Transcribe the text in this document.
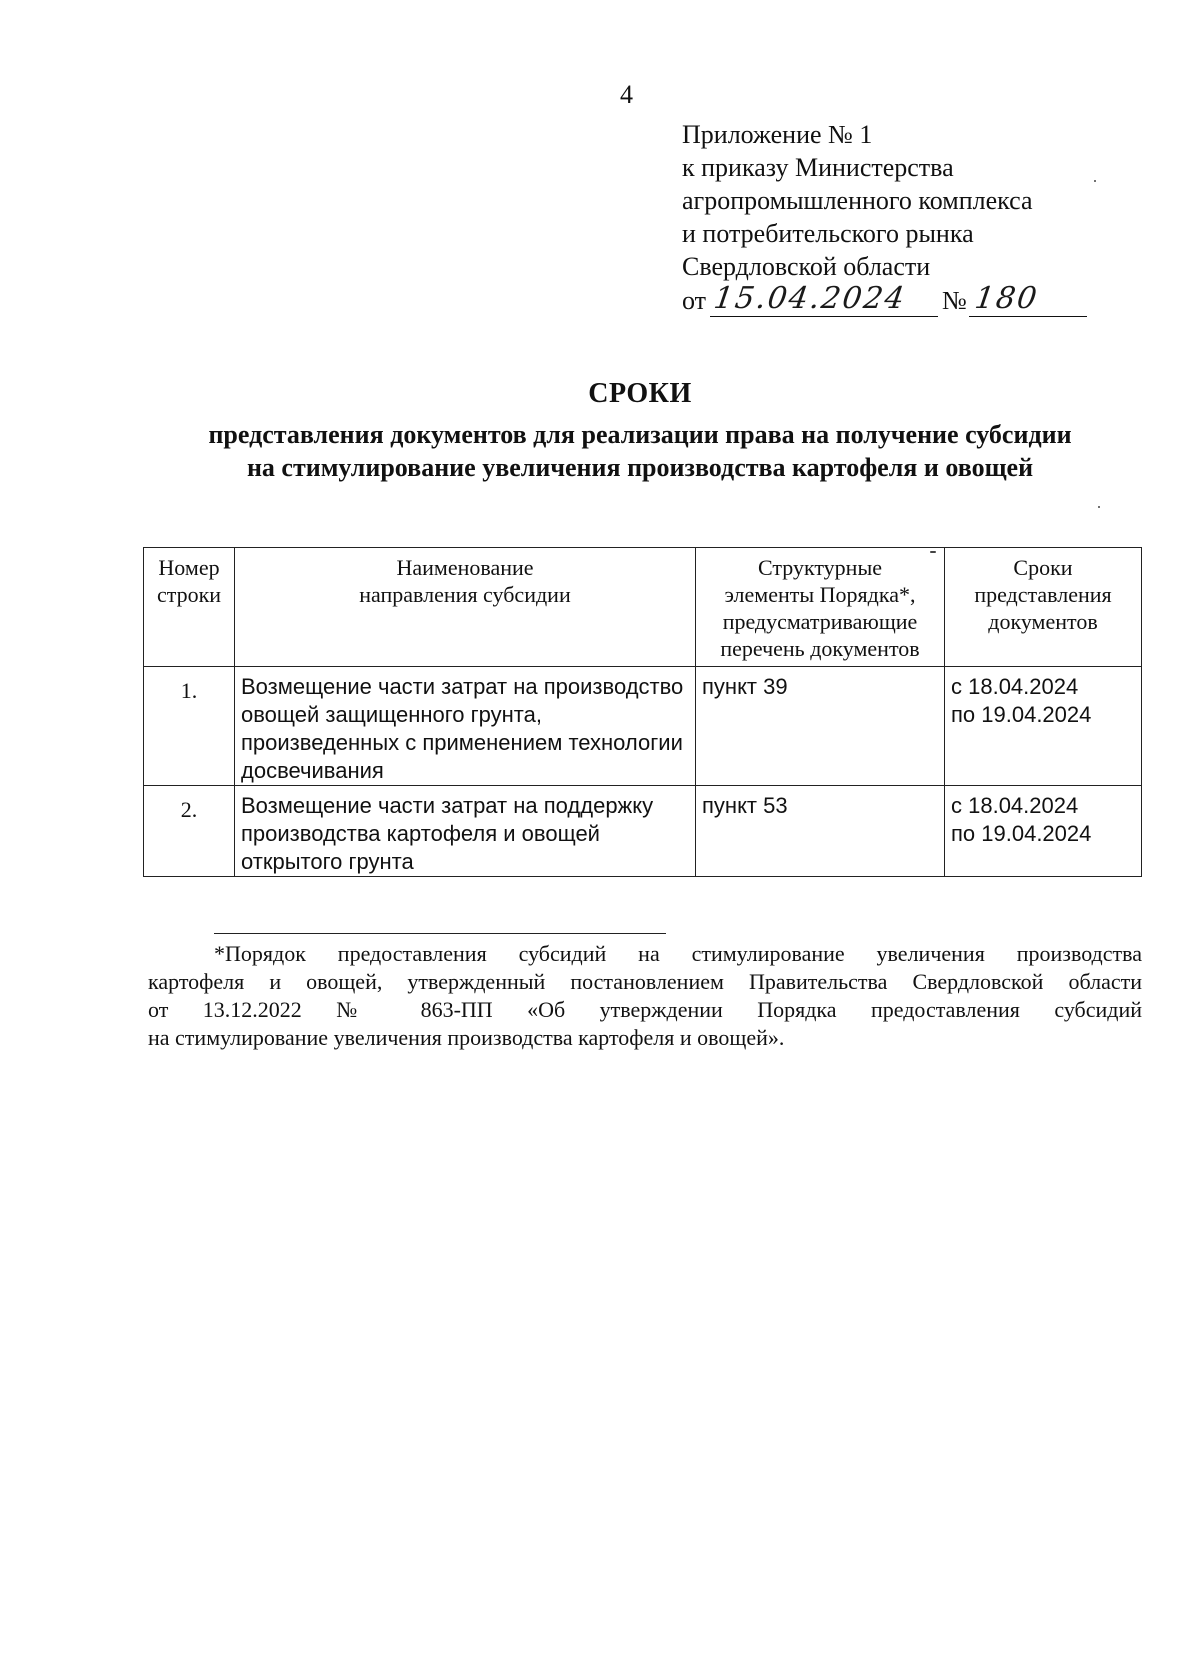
4
Приложение № 1
к приказу Министерства
агропромышленного комплекса
и потребительского рынка
Свердловской области
от 15.04.2024 № 180
СРОКИ
представления документов для реализации права на получение субсидии
на стимулирование увеличения производства картофеля и овощей
Номер
строки	Наименование
направления субсидии	Структурные
элементы Порядка*,
предусматривающие
перечень документов	Сроки
представления
документов

1.	Возмещение части затрат на производство
овощей защищенного грунта,
произведенных с применением технологии
досвечивания	пункт 39	с 18.04.2024
по 19.04.2024

2.	Возмещение части затрат на поддержку
производства картофеля и овощей
открытого грунта	пункт 53	с 18.04.2024
по 19.04.2024
*Порядок предоставления субсидий на стимулирование увеличения производства
картофеля и овощей, утвержденный постановлением Правительства Свердловской области
от 13.12.2022 № 863-ПП «Об утверждении Порядка предоставления субсидий
на стимулирование увеличения производства картофеля и овощей».
